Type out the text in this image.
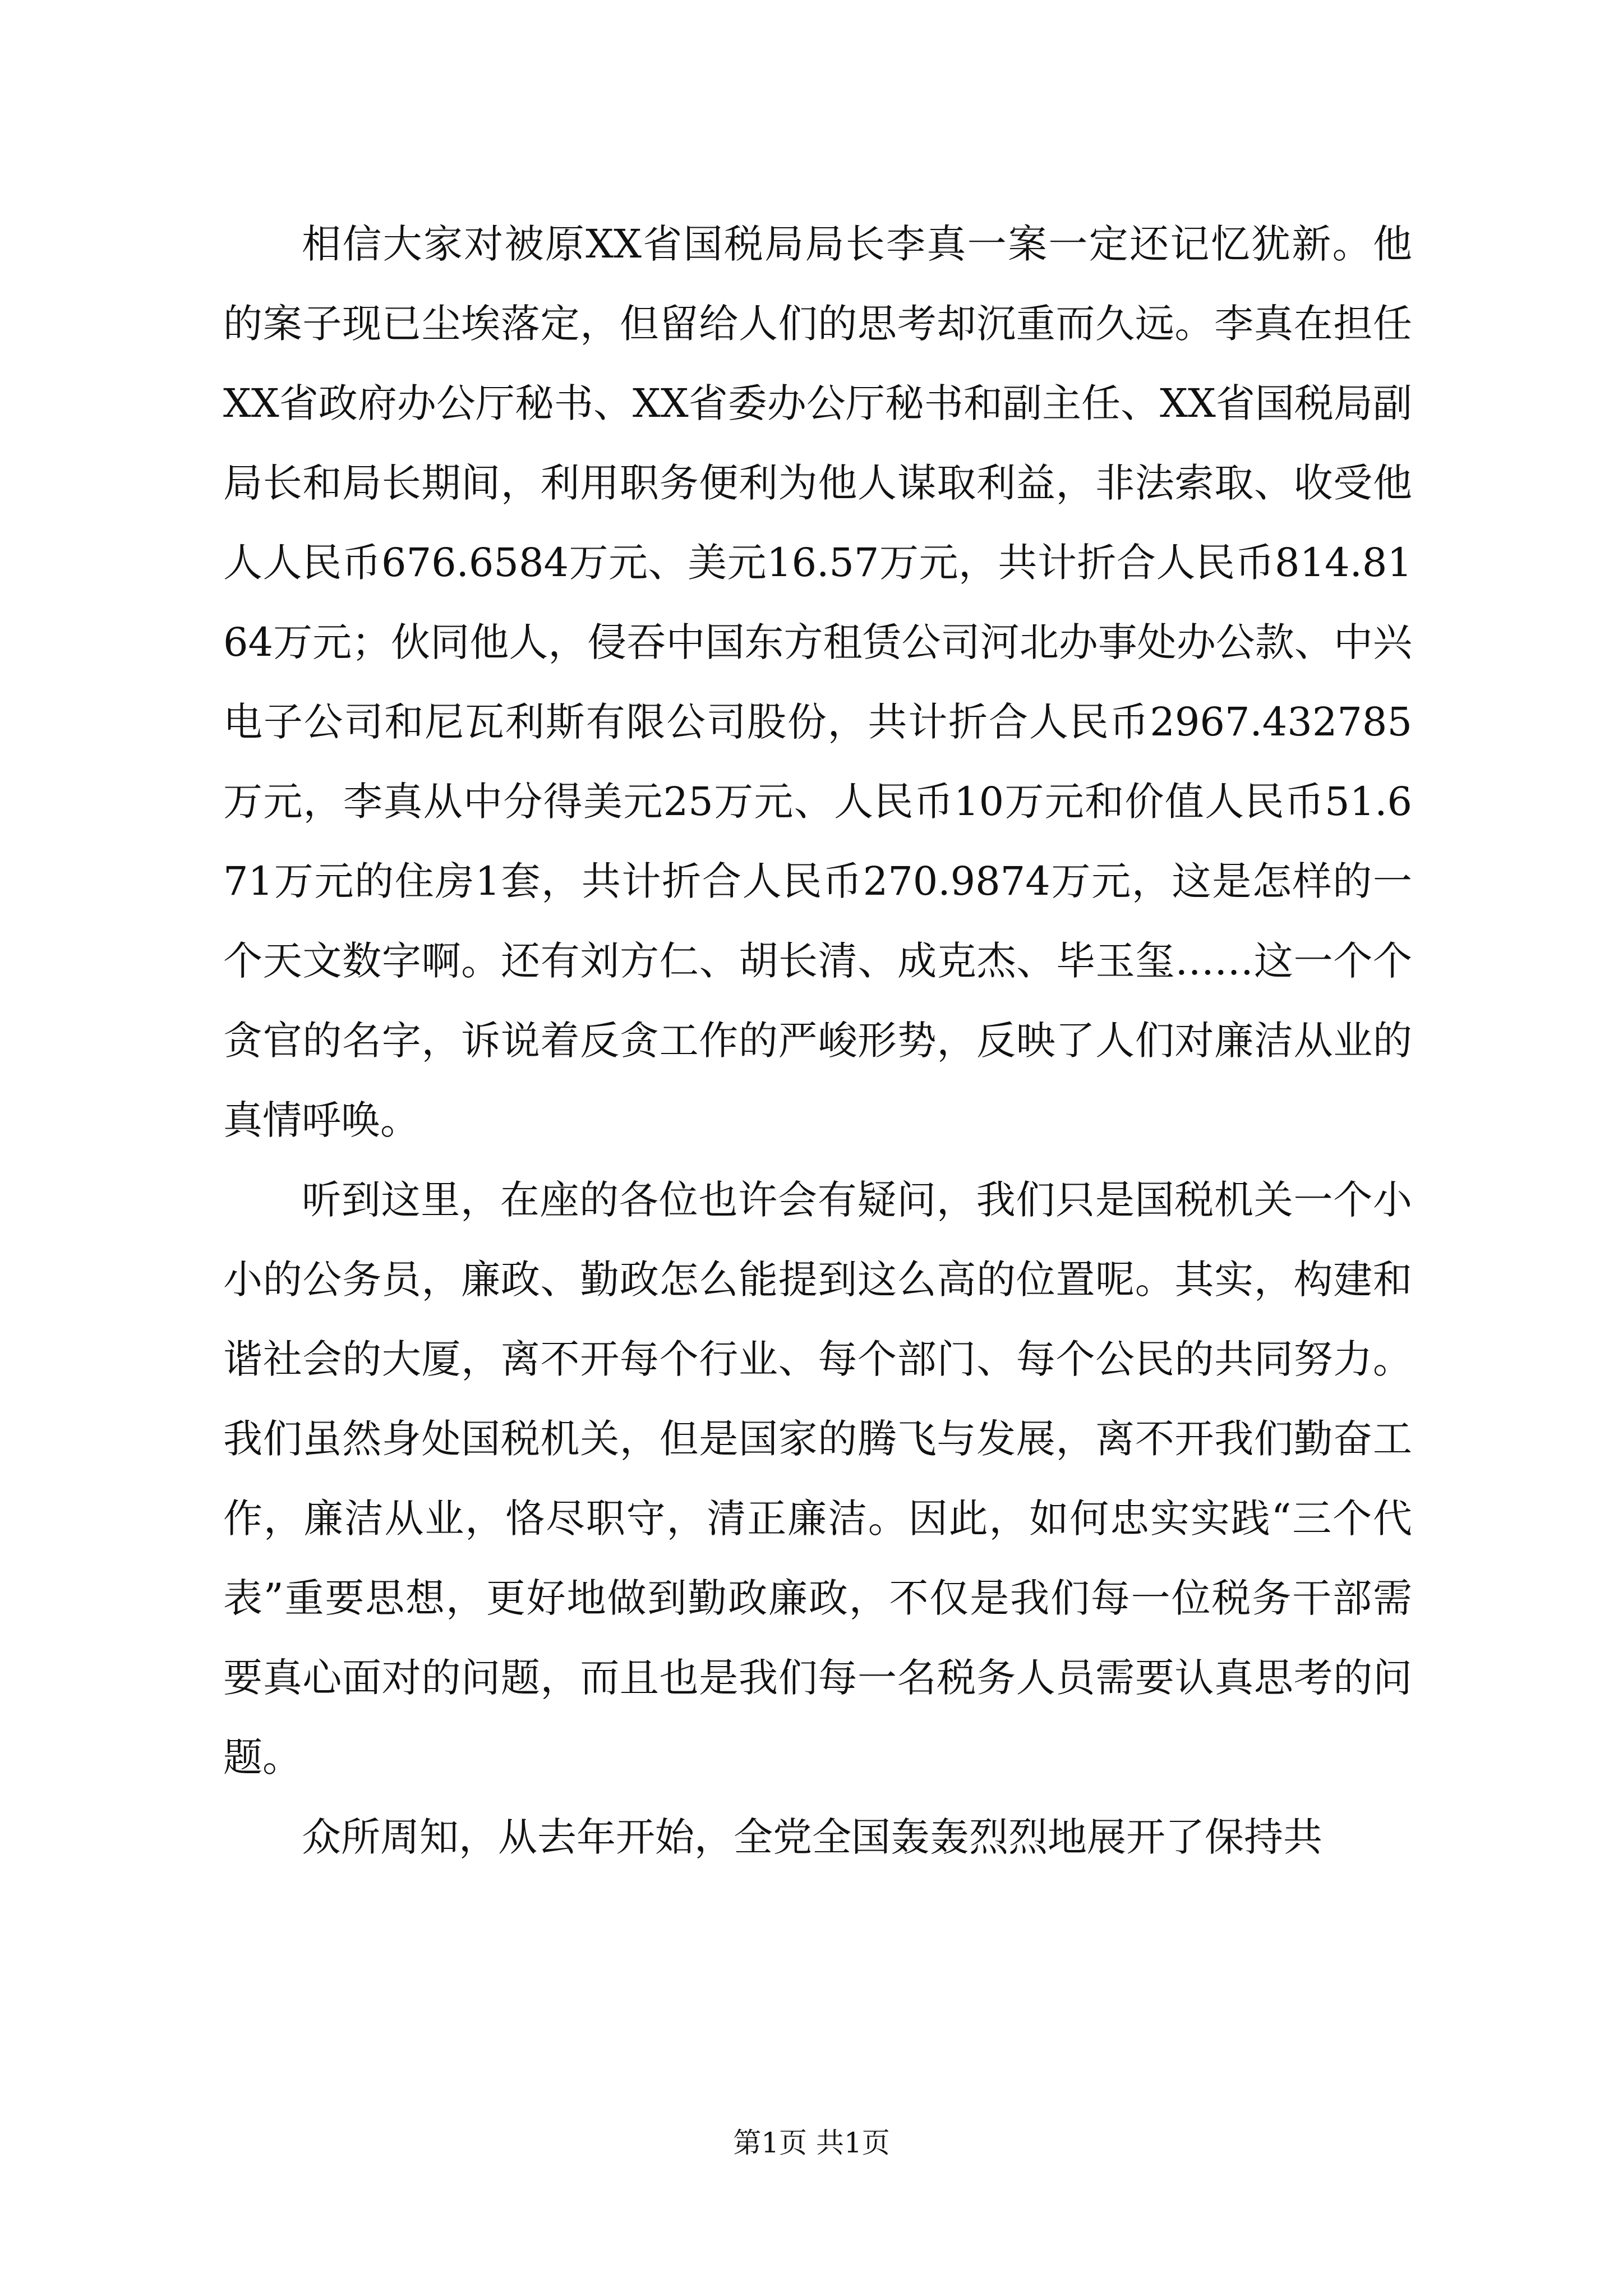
相信大家对被原XX省国税局局长李真一案一定还记忆犹新。他的案子现已尘埃落定，但留给人们的思考却沉重而久远。李真在担任XX省政府办公厅秘书、XX省委办公厅秘书和副主任、XX省国税局副局长和局长期间，利用职务便利为他人谋取利益，非法索取、收受他人人民币676.6584万元、美元16.57万元，共计折合人民币814.8164万元；伙同他人，侵吞中国东方租赁公司河北办事处办公款、中兴电子公司和尼瓦利斯有限公司股份，共计折合人民币2967.432785万元，李真从中分得美元25万元、人民币10万元和价值人民币51.671万元的住房1套，共计折合人民币270.9874万元，这是怎样的一个天文数字啊。还有刘方仁、胡长清、成克杰、毕玉玺……这一个个贪官的名字，诉说着反贪工作的严峻形势，反映了人们对廉洁从业的真情呼唤。

听到这里，在座的各位也许会有疑问，我们只是国税机关一个小小的公务员，廉政、勤政怎么能提到这么高的位置呢。其实，构建和谐社会的大厦，离不开每个行业、每个部门、每个公民的共同努力。我们虽然身处国税机关，但是国家的腾飞与发展，离不开我们勤奋工作，廉洁从业，恪尽职守，清正廉洁。因此，如何忠实实践“三个代表”重要思想，更好地做到勤政廉政，不仅是我们每一位税务干部需要真心面对的问题，而且也是我们每一名税务人员需要认真思考的问题。

众所周知，从去年开始，全党全国轰轰烈烈地展开了保持共

第1页 共1页
